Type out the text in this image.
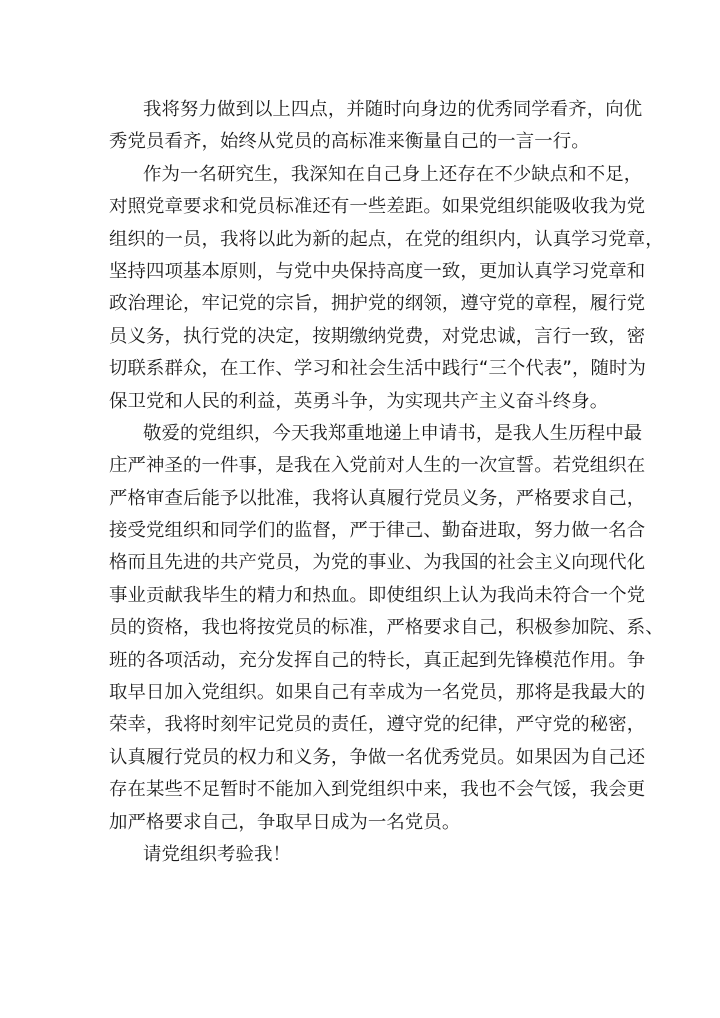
我将努力做到以上四点，并随时向身边的优秀同学看齐，向优
秀党员看齐，始终从党员的高标准来衡量自己的一言一行。
作为一名研究生，我深知在自己身上还存在不少缺点和不足，
对照党章要求和党员标准还有一些差距。如果党组织能吸收我为党
组织的一员，我将以此为新的起点，在党的组织内，认真学习党章，
坚持四项基本原则，与党中央保持高度一致，更加认真学习党章和
政治理论，牢记党的宗旨，拥护党的纲领，遵守党的章程，履行党
员义务，执行党的决定，按期缴纳党费，对党忠诚，言行一致，密
切联系群众，在工作、学习和社会生活中践行“三个代表”，随时为
保卫党和人民的利益，英勇斗争，为实现共产主义奋斗终身。
敬爱的党组织，今天我郑重地递上申请书，是我人生历程中最
庄严神圣的一件事，是我在入党前对人生的一次宣誓。若党组织在
严格审查后能予以批准，我将认真履行党员义务，严格要求自己，
接受党组织和同学们的监督，严于律己、勤奋进取，努力做一名合
格而且先进的共产党员，为党的事业、为我国的社会主义向现代化
事业贡献我毕生的精力和热血。即使组织上认为我尚未符合一个党
员的资格，我也将按党员的标准，严格要求自己，积极参加院、系、
班的各项活动，充分发挥自己的特长，真正起到先锋模范作用。争
取早日加入党组织。如果自己有幸成为一名党员，那将是我最大的
荣幸，我将时刻牢记党员的责任，遵守党的纪律，严守党的秘密，
认真履行党员的权力和义务，争做一名优秀党员。如果因为自己还
存在某些不足暂时不能加入到党组织中来，我也不会气馁，我会更
加严格要求自己，争取早日成为一名党员。
请党组织考验我！
